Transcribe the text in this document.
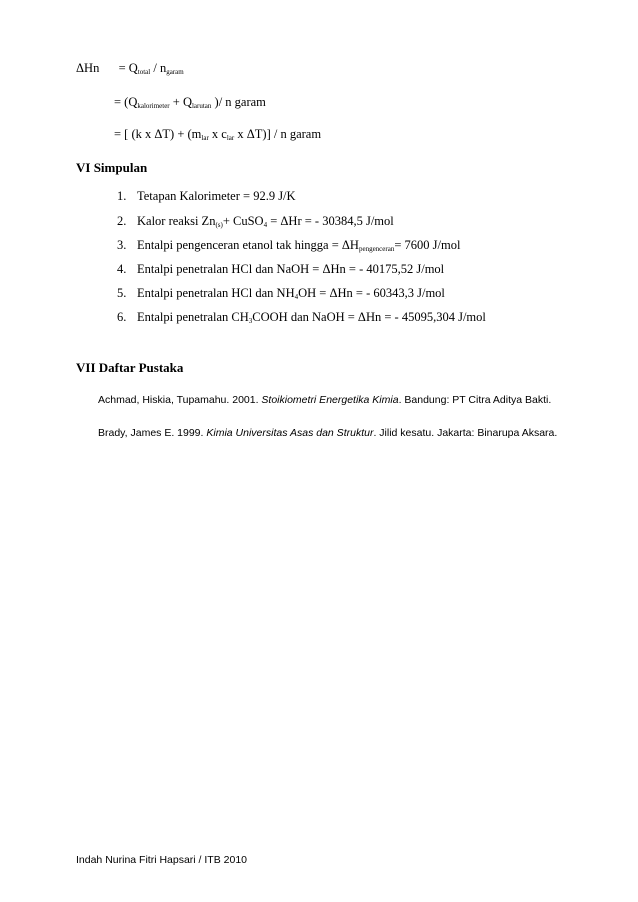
$\Delta Hn = Q_{total} / n_{garam}$
= ($Q_{kalorimeter} + Q_{larutan}$ )/ n garam
= [ (k x $\Delta T) + (m_{lar}$ x $c_{lar}$ x ΔT)] / n garam
VI Simpulan
1. Tetapan Kalorimeter = 92.9 J/K
2. Kalor reaksi $Zn_{(s)}+$ CuSO$_4$ = ΔHr = - 30384,5 J/mol
3. Entalpi pengenceran etanol tak hingga = $\Delta H_{pengenceran}= 7600$ J/mol
4. Entalpi penetralan HCl dan NaOH = ΔHn = - 40175,52 J/mol
5. Entalpi penetralan HCl dan $NH_4OH = \Delta Hn$ = - 60343,3 J/mol
6. Entalpi penetralan $CH_3COOH$ dan NaOH = ΔHn = - 45095,304 J/mol
VII Daftar Pustaka
Achmad, Hiskia, Tupamahu. 2001. Stoikiometri Energetika Kimia. Bandung: PT Citra Aditya Bakti.
Brady, James E. 1999. Kimia Universitas Asas dan Struktur. Jilid kesatu. Jakarta: Binarupa Aksara.
Indah Nurina Fitri Hapsari / ITB 2010
